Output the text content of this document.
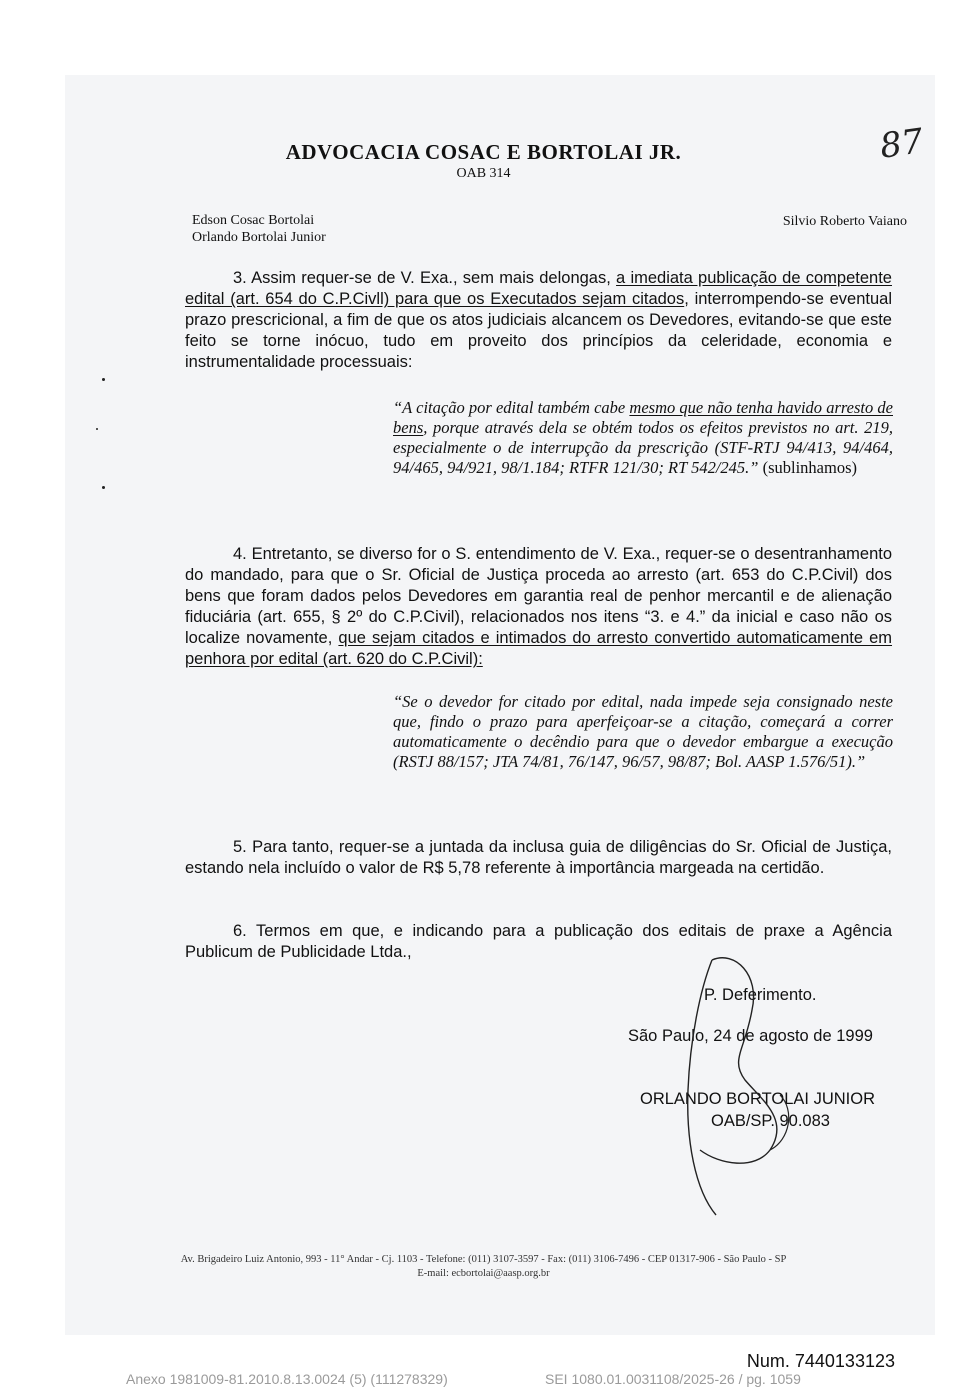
ADVOCACIA COSAC E BORTOLAI JR.
OAB 314
87
Edson Cosac Bortolai
Orlando Bortolai Junior
Silvio Roberto Vaiano
3. Assim requer-se de V. Exa., sem mais delongas, a imediata publicação de competente edital (art. 654 do C.P.Civll) para que os Executados sejam citados, interrompendo-se eventual prazo prescricional, a fim de que os atos judiciais alcancem os Devedores, evitando-se que este feito se torne inócuo, tudo em proveito dos princípios da celeridade, economia e instrumentalidade processuais:
“A citação por edital também cabe mesmo que não tenha havido arresto de bens, porque através dela se obtém todos os efeitos previstos no art. 219, especialmente o de interrupção da prescrição (STF-RTJ 94/413, 94/464, 94/465, 94/921, 98/1.184; RTFR 121/30; RT 542/245.” (sublinhamos)
4. Entretanto, se diverso for o S. entendimento de V. Exa., requer-se o desentranhamento do mandado, para que o Sr. Oficial de Justiça proceda ao arresto (art. 653 do C.P.Civil) dos bens que foram dados pelos Devedores em garantia real de penhor mercantil e de alienação fiduciária (art. 655, § 2º do C.P.Civil), relacionados nos itens “3. e 4.” da inicial e caso não os localize novamente, que sejam citados e intimados do arresto convertido automaticamente em penhora por edital (art. 620 do C.P.Civil):
“Se o devedor for citado por edital, nada impede seja consignado neste que, findo o prazo para aperfeiçoar-se a citação, começará a correr automaticamente o decêndio para que o devedor embargue a execução (RSTJ 88/157; JTA 74/81, 76/147, 96/57, 98/87; Bol. AASP 1.576/51).”
5. Para tanto, requer-se a juntada da inclusa guia de diligências do Sr. Oficial de Justiça, estando nela incluído o valor de R$ 5,78 referente à importância margeada na certidão.
6. Termos em que, e indicando para a publicação dos editais de praxe a Agência Publicum de Publicidade Ltda.,
P. Deferimento.
São Paulo, 24 de agosto de 1999
ORLANDO BORTOLAI JUNIOR
OAB/SP. 90.083
Av. Brigadeiro Luiz Antonio, 993 - 11° Andar - Cj. 1103 - Telefone: (011) 3107-3597 - Fax: (011) 3106-7496 - CEP 01317-906 - São Paulo - SP
E-mail: ecbortolai@aasp.org.br
Num. 7440133123
Anexo 1981009-81.2010.8.13.0024 (5) (111278329)	SEI 1080.01.0031108/2025-26 / pg. 1059
